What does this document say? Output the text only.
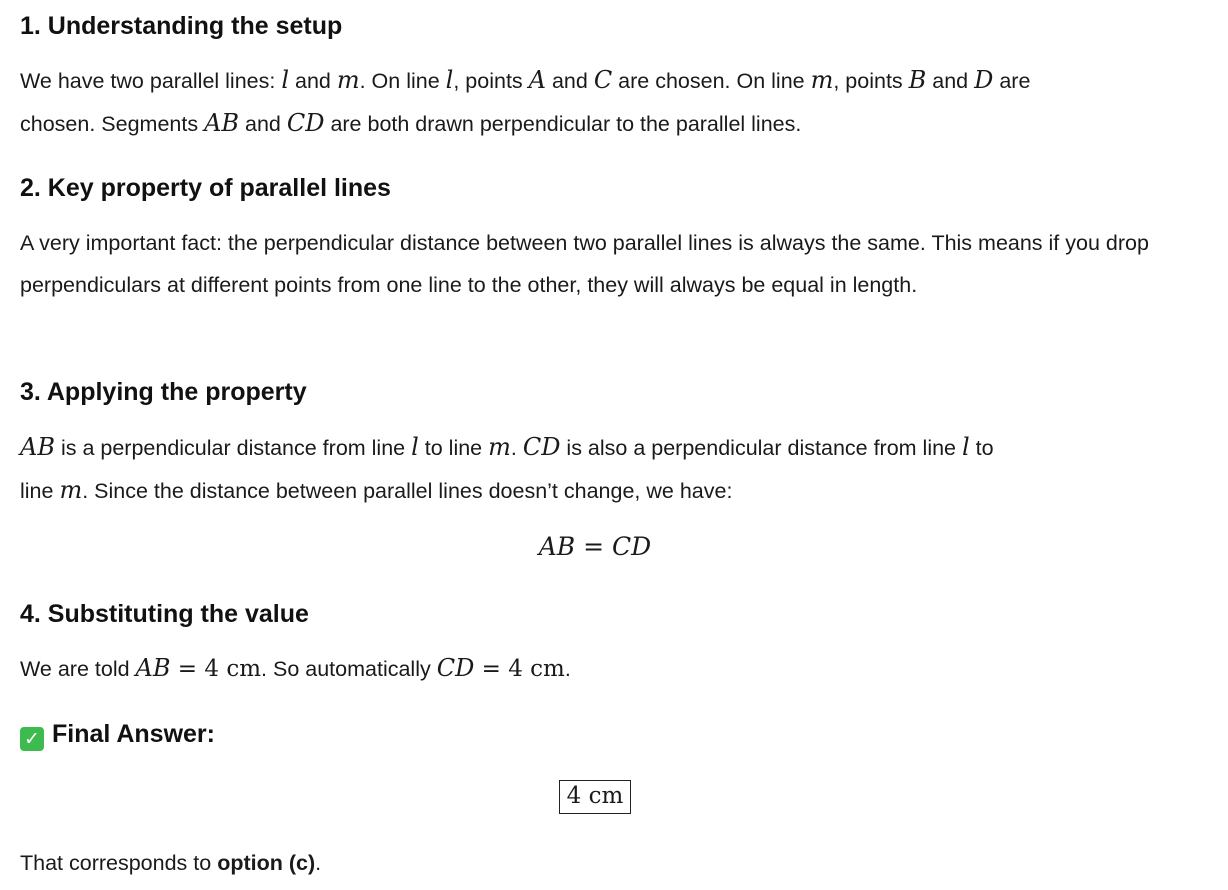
1. Understanding the setup

We have two parallel lines: l and m. On line l, points A and C are chosen. On line m, points B and D are
chosen. Segments AB and CD are both drawn perpendicular to the parallel lines.

2. Key property of parallel lines

A very important fact: the perpendicular distance between two parallel lines is always the same. This means if you drop perpendiculars at different points from one line to the other, they will always be equal in length.

3. Applying the property

AB is a perpendicular distance from line l to line m. CD is also a perpendicular distance from line l to
line m. Since the distance between parallel lines doesn’t change, we have:

AB = CD
4. Substituting the value

We are told AB = 4 cm. So automatically CD = 4 cm.

✓ Final Answer:
4 cm

That corresponds to option (c).
